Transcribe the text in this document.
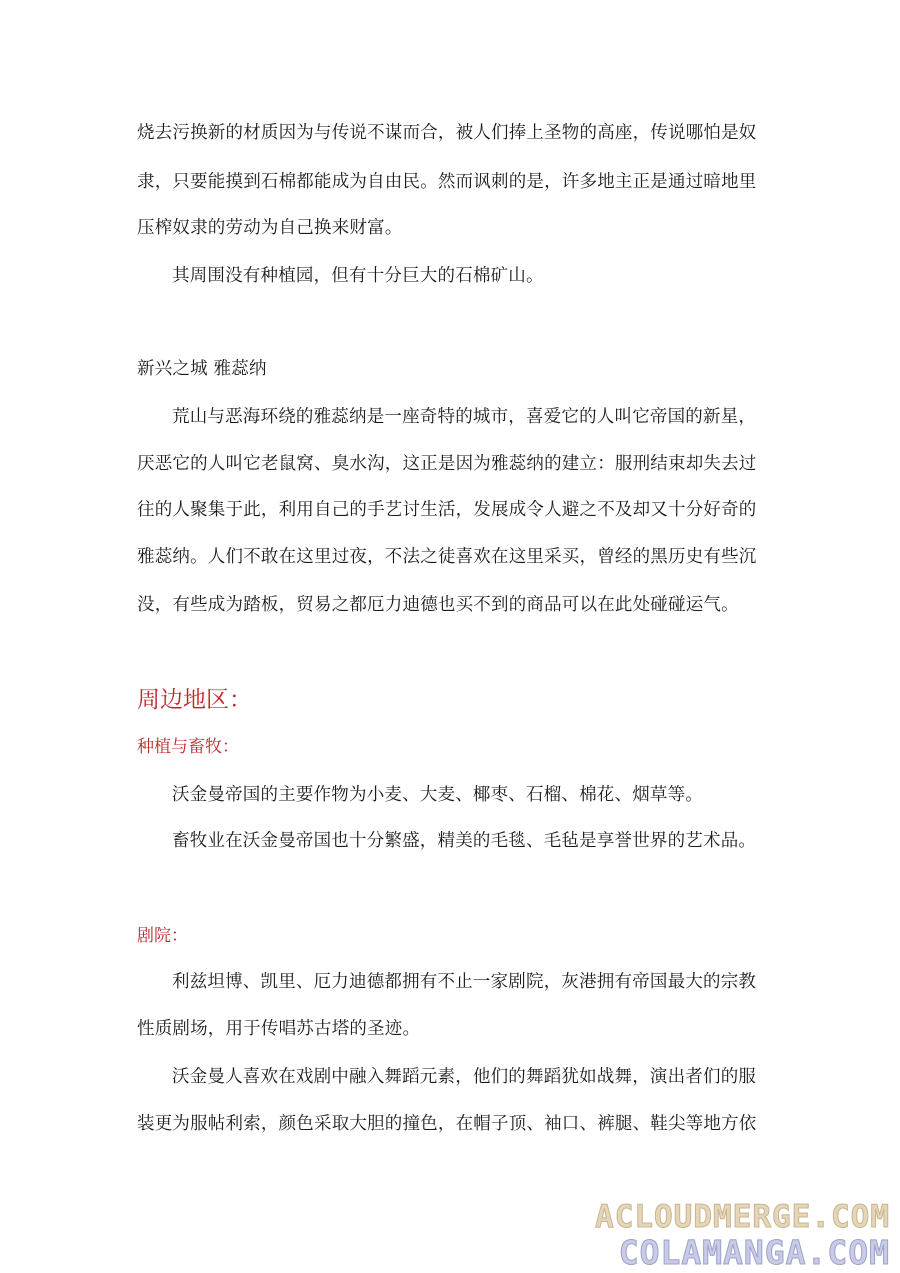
烧去污换新的材质因为与传说不谋而合，被人们捧上圣物的高座，传说哪怕是奴
隶，只要能摸到石棉都能成为自由民。然而讽刺的是，许多地主正是通过暗地里
压榨奴隶的劳动为自己换来财富。
其周围没有种植园，但有十分巨大的石棉矿山。
新兴之城 雅蕊纳
荒山与恶海环绕的雅蕊纳是一座奇特的城市，喜爱它的人叫它帝国的新星，
厌恶它的人叫它老鼠窝、臭水沟，这正是因为雅蕊纳的建立：服刑结束却失去过
往的人聚集于此，利用自己的手艺讨生活，发展成令人避之不及却又十分好奇的
雅蕊纳。人们不敢在这里过夜，不法之徒喜欢在这里采买，曾经的黑历史有些沉
没，有些成为踏板，贸易之都厄力迪德也买不到的商品可以在此处碰碰运气。
周边地区：
种植与畜牧：
沃金曼帝国的主要作物为小麦、大麦、椰枣、石榴、棉花、烟草等。
畜牧业在沃金曼帝国也十分繁盛，精美的毛毯、毛毡是享誉世界的艺术品。
剧院：
利兹坦博、凯里、厄力迪德都拥有不止一家剧院，灰港拥有帝国最大的宗教
性质剧场，用于传唱苏古塔的圣迹。
沃金曼人喜欢在戏剧中融入舞蹈元素，他们的舞蹈犹如战舞，演出者们的服
装更为服帖利索，颜色采取大胆的撞色，在帽子顶、袖口、裤腿、鞋尖等地方依
ACLOUDMERGE.COM
COLAMANGA.COM
